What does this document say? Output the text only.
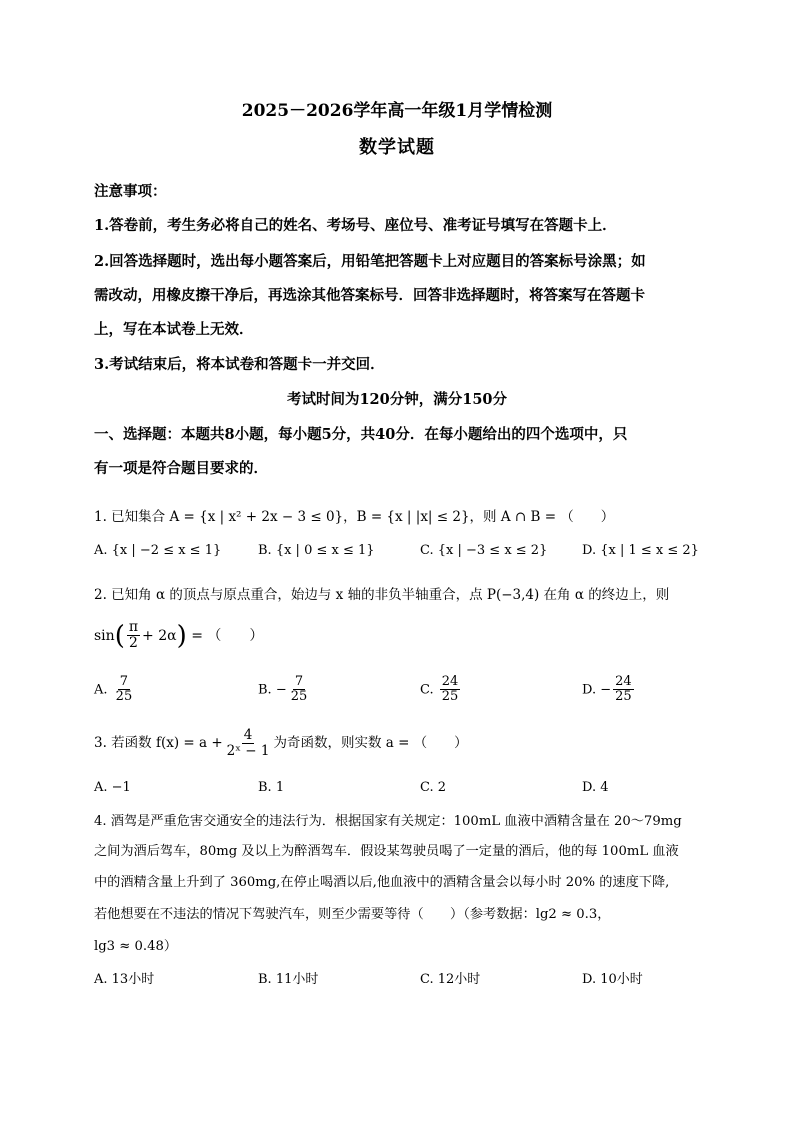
2025－2026学年高一年级1月学情检测
数学试题
注意事项：
1.答卷前，考生务必将自己的姓名、考场号、座位号、准考证号填写在答题卡上．
2.回答选择题时，选出每小题答案后，用铅笔把答题卡上对应题目的答案标号涂黑；如
需改动，用橡皮擦干净后，再选涂其他答案标号．回答非选择题时，将答案写在答题卡
上，写在本试卷上无效．
3.考试结束后，将本试卷和答题卡一并交回．
考试时间为120分钟，满分150分
一、选择题：本题共8小题，每小题5分，共40分．在每小题给出的四个选项中，只
有一项是符合题目要求的．
1. 已知集合 A = {x | x² + 2x − 3 ≤ 0}，B = {x | |x| ≤ 2}，则 A ∩ B = （　　）
A. {x | −2 ≤ x ≤ 1}	B. {x | 0 ≤ x ≤ 1}	C. {x | −3 ≤ x ≤ 2}	D. {x | 1 ≤ x ≤ 2}
2. 已知角 α 的顶点与原点重合，始边与 x 轴的非负半轴重合，点 P(−3,4) 在角 α 的终边上，则
$\sin( \frac{\pi}{2} + 2\alpha)$ = （　　）
A. $\frac{7}{25}$	B. − $\frac{7}{25}$	C. $\frac{24}{25}$	D. − $\frac{24}{25}$
3. 若函数 $f(x) = a + \frac{4}{\text{2ˣ − 1}}$ 为奇函数，则实数 a = （　　）
A. −1	B. 1	C. 2	D. 4
4. 酒驾是严重危害交通安全的违法行为．根据国家有关规定：100mL 血液中酒精含量在 20～79mg
之间为酒后驾车，80mg 及以上为醉酒驾车．假设某驾驶员喝了一定量的酒后，他的每 100mL 血液
中的酒精含量上升到了 360mg,在停止喝酒以后,他血液中的酒精含量会以每小时 20% 的速度下降,
若他想要在不违法的情况下驾驶汽车，则至少需要等待（　　）（参考数据：lg2 ≈ 0.3，
lg3 ≈ 0.48）
A. 13小时	B. 11小时	C. 12小时	D. 10小时
